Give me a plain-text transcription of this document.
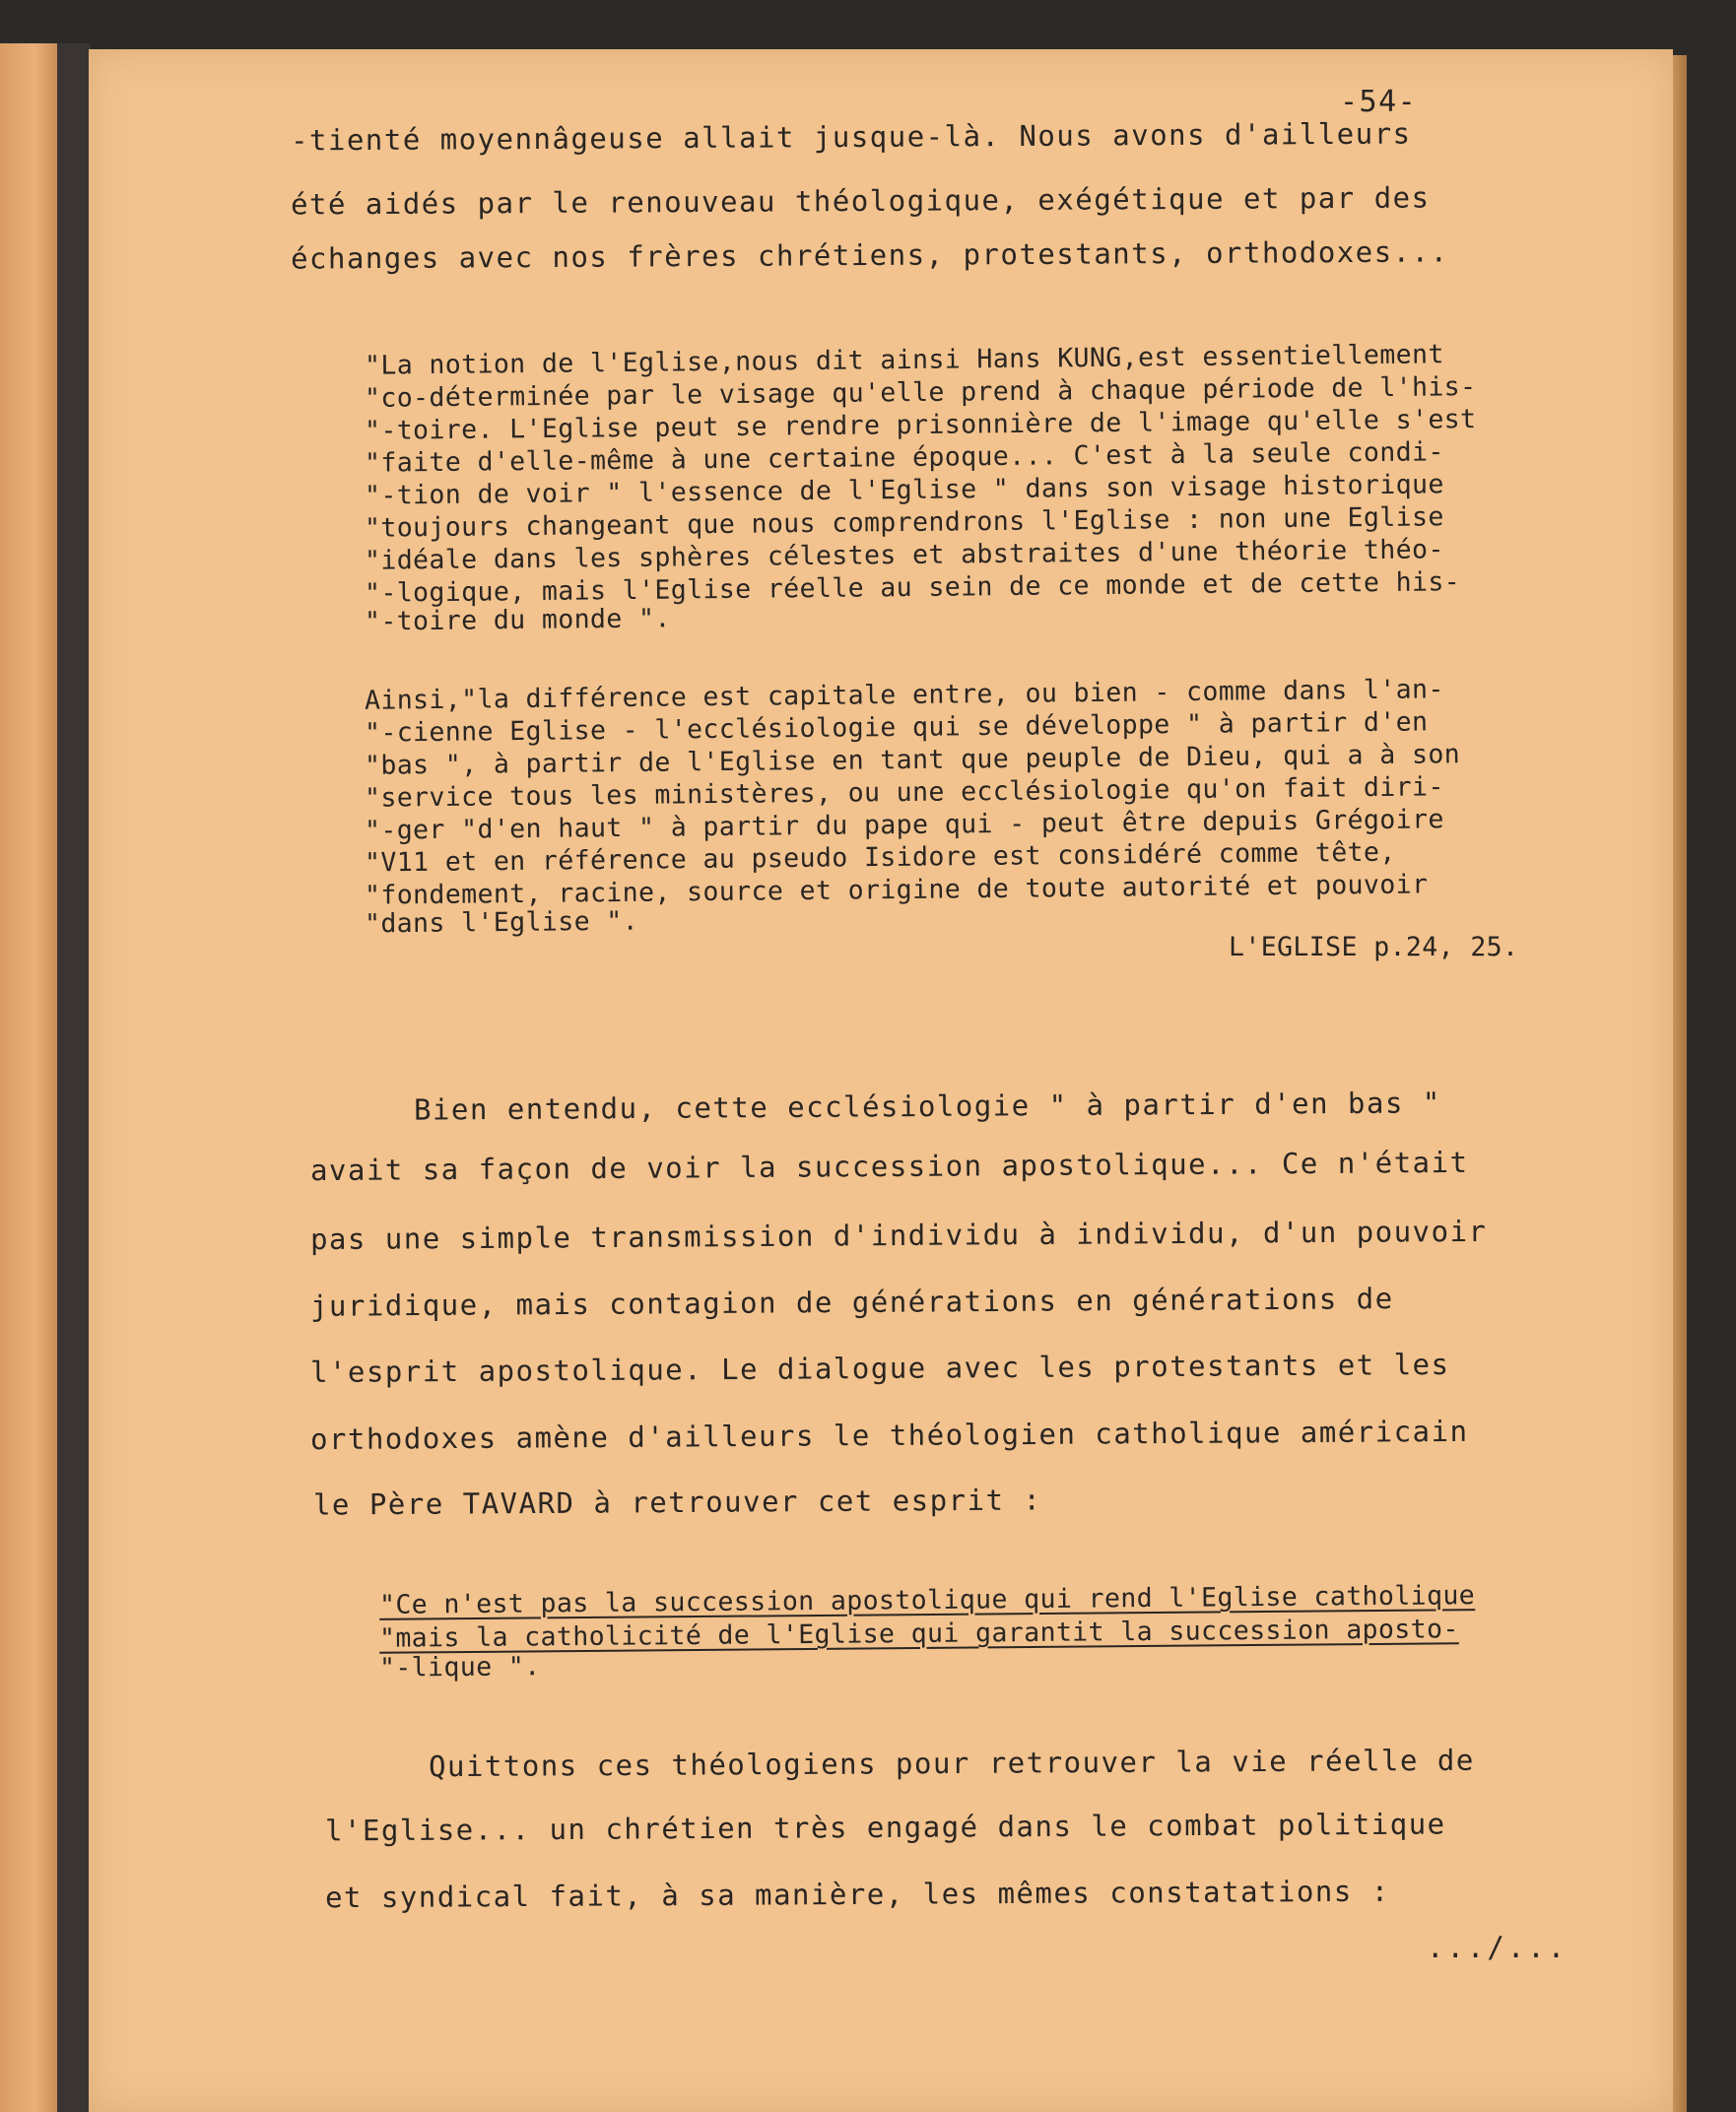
-54-

-tienté moyennâgeuse allait jusque-là. Nous avons d'ailleurs

été aidés par le renouveau théologique, exégétique et par des

échanges avec nos frères chrétiens, protestants, orthodoxes...

"La notion de l'Eglise,nous dit ainsi Hans KUNG,est essentiellement

"co-déterminée par le visage qu'elle prend à chaque période de l'his-

"-toire. L'Eglise peut se rendre prisonnière de l'image qu'elle s'est

"faite d'elle-même à une certaine époque... C'est à la seule condi-

"-tion de voir " l'essence de l'Eglise " dans son visage historique

"toujours changeant que nous comprendrons l'Eglise : non une Eglise

"idéale dans les sphères célestes et abstraites d'une théorie théo-

"-logique, mais l'Eglise réelle au sein de ce monde et de cette his-

"-toire du monde ".

Ainsi,"la différence est capitale entre, ou bien - comme dans l'an-

"-cienne Eglise - l'ecclésiologie qui se développe " à partir d'en

"bas ", à partir de l'Eglise en tant que peuple de Dieu, qui a à son

"service tous les ministères, ou une ecclésiologie qu'on fait diri-

"-ger "d'en haut " à partir du pape qui - peut être depuis Grégoire

"V11 et en référence au pseudo Isidore est considéré comme tête,

"fondement, racine, source et origine de toute autorité et pouvoir

"dans l'Eglise ".

L'EGLISE p.24, 25.

Bien entendu, cette ecclésiologie " à partir d'en bas "

avait sa façon de voir la succession apostolique... Ce n'était

pas une simple transmission d'individu à individu, d'un pouvoir

juridique, mais contagion de générations en générations de

l'esprit apostolique. Le dialogue avec les protestants et les

orthodoxes amène d'ailleurs le théologien catholique américain

le Père TAVARD à retrouver cet esprit :

"Ce n'est pas la succession apostolique qui rend l'Eglise catholique

"mais la catholicité de l'Eglise qui garantit la succession aposto-

"-lique ".

Quittons ces théologiens pour retrouver la vie réelle de

l'Eglise... un chrétien très engagé dans le combat politique

et syndical fait, à sa manière, les mêmes constatations :

.../...
